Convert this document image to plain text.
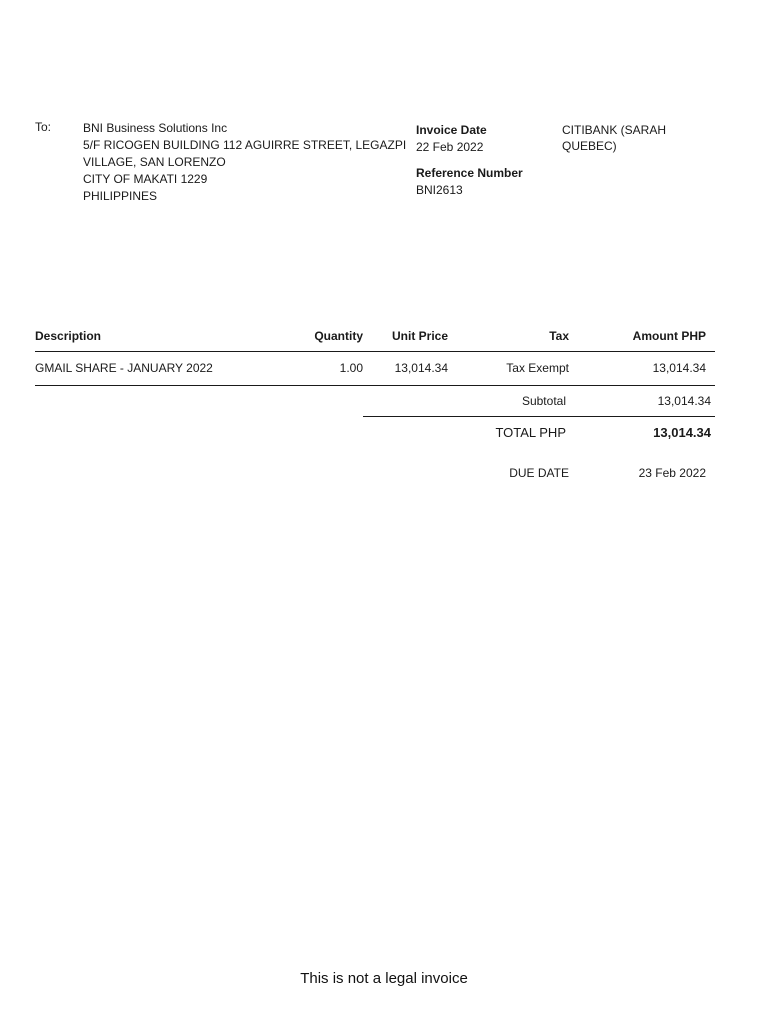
To:	BNI Business Solutions Inc
5/F RICOGEN BUILDING 112 AGUIRRE STREET, LEGAZPI
VILLAGE, SAN LORENZO
CITY OF MAKATI 1229
PHILIPPINES
Invoice Date
22 Feb 2022
Reference Number
BNI2613
CITIBANK (SARAH
QUEBEC)
Description	Quantity	Unit Price	Tax	Amount PHP
GMAIL SHARE - JANUARY 2022	1.00	13,014.34	Tax Exempt	13,014.34
Subtotal	13,014.34
TOTAL PHP	13,014.34
DUE DATE	23 Feb 2022
This is not a legal invoice
